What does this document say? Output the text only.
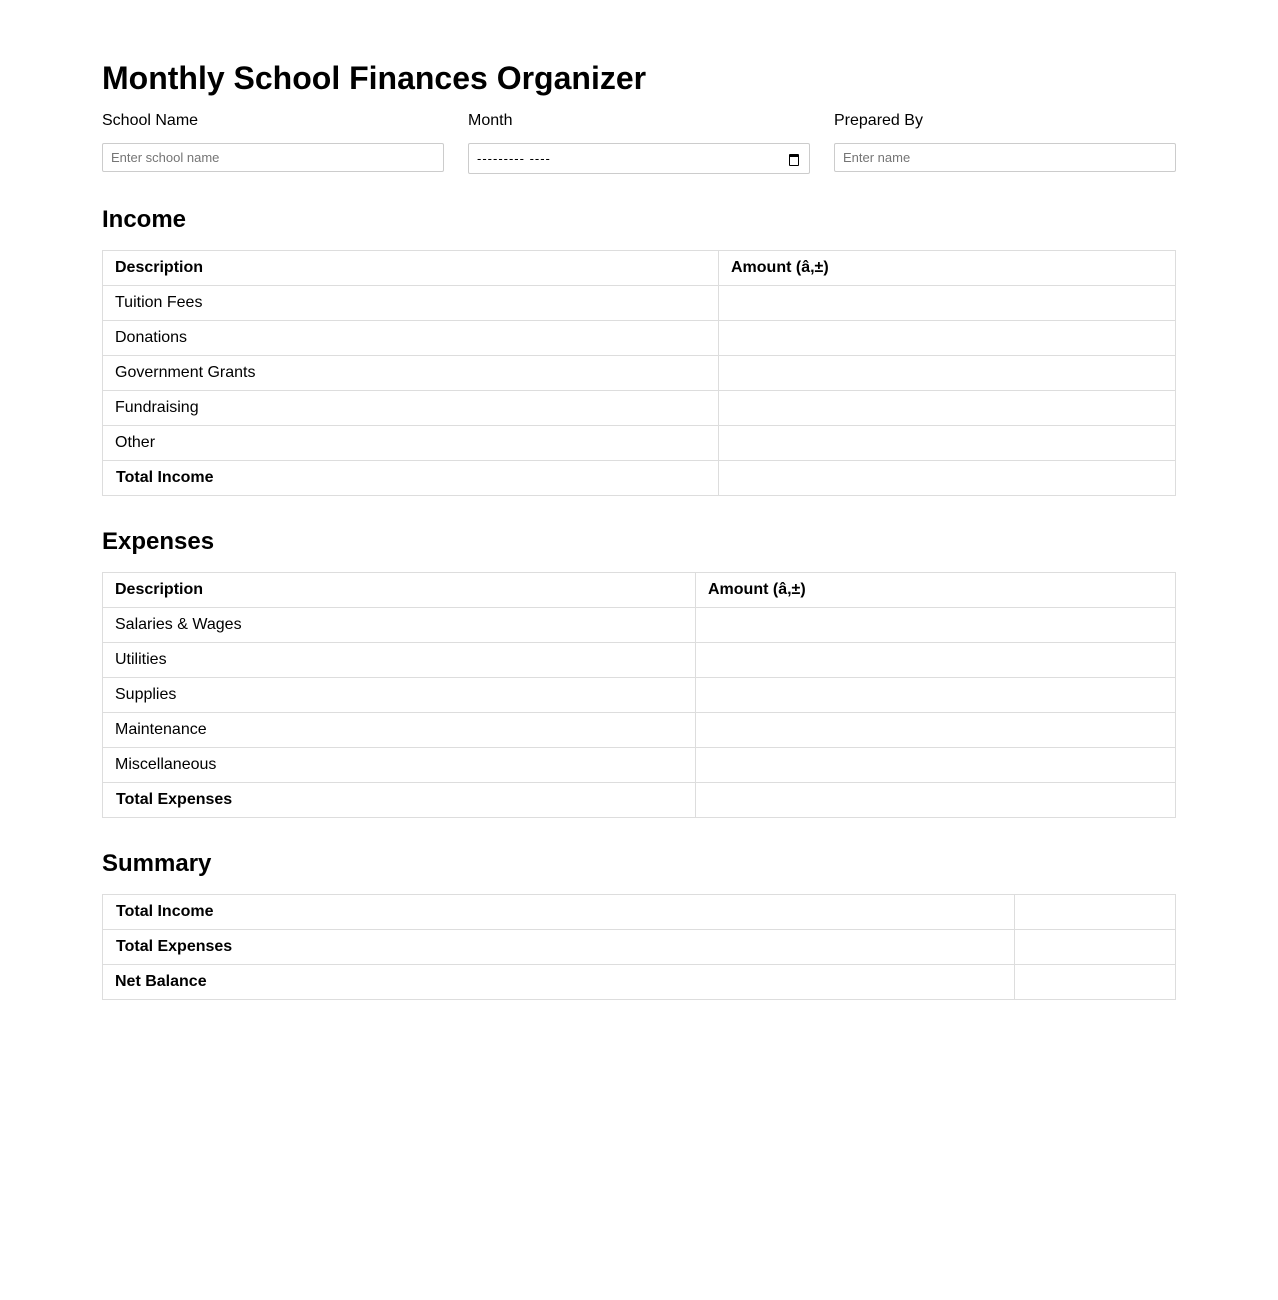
Monthly School Finances Organizer
School Name
Enter school name
Month
--------- ----
Prepared By
Enter name
Income
Description	Amount (â,±)
Tuition Fees	
Donations	
Government Grants	
Fundraising	
Other	
Total Income	
Expenses
Description	Amount (â,±)
Salaries & Wages	
Utilities	
Supplies	
Maintenance	
Miscellaneous	
Total Expenses	
Summary
Total Income	
Total Expenses	
Net Balance	
